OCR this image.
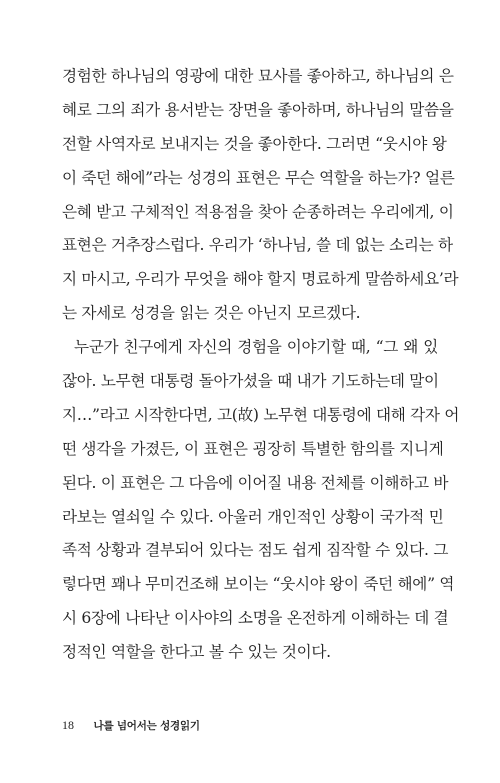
경험한 하나님의 영광에 대한 묘사를 좋아하고, 하나님의 은
혜로 그의 죄가 용서받는 장면을 좋아하며, 하나님의 말씀을
전할 사역자로 보내지는 것을 좋아한다. 그러면 “웃시야 왕
이 죽던 해에”라는 성경의 표현은 무슨 역할을 하는가? 얼른
은혜 받고 구체적인 적용점을 찾아 순종하려는 우리에게, 이
표현은 거추장스럽다. 우리가 ‘하나님, 쓸 데 없는 소리는 하
지 마시고, 우리가 무엇을 해야 할지 명료하게 말씀하세요’라
는 자세로 성경을 읽는 것은 아닌지 모르겠다.
누군가 친구에게 자신의 경험을 이야기할 때, “그 왜 있
잖아. 노무현 대통령 돌아가셨을 때 내가 기도하는데 말이
지…”라고 시작한다면, 고(故) 노무현 대통령에 대해 각자 어
떤 생각을 가졌든, 이 표현은 굉장히 특별한 함의를 지니게
된다. 이 표현은 그 다음에 이어질 내용 전체를 이해하고 바
라보는 열쇠일 수 있다. 아울러 개인적인 상황이 국가적 민
족적 상황과 결부되어 있다는 점도 쉽게 짐작할 수 있다. 그
렇다면 꽤나 무미건조해 보이는 “웃시야 왕이 죽던 해에” 역
시 6장에 나타난 이사야의 소명을 온전하게 이해하는 데 결
정적인 역할을 한다고 볼 수 있는 것이다.
18 나를 넘어서는 성경읽기
